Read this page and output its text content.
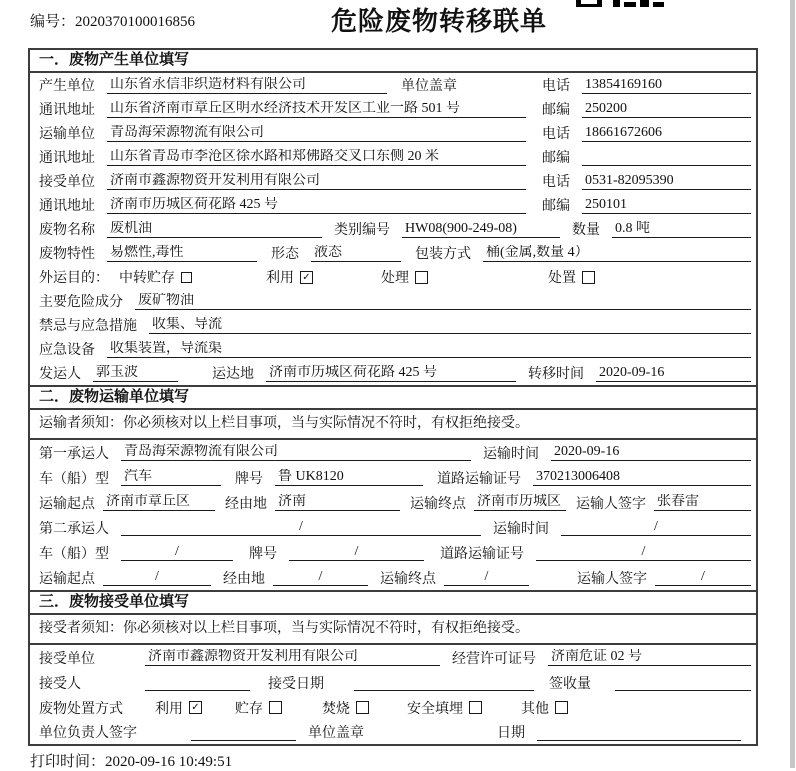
编号：2020370100016856	危险废物转移联单
一．废物产生单位填写
产生单位 山东省永信非织造材料有限公司	单位盖章	电话 13854169160
通讯地址 山东省济南市章丘区明水经济技术开发区工业一路 501 号	邮编 250200
运输单位 青岛海荣源物流有限公司	电话 18661672606
通讯地址 山东省青岛市李沧区徐水路和郑佛路交叉口东侧 20 米	邮编
接受单位 济南市鑫源物资开发利用有限公司	电话 0531-82095390
通讯地址 济南市历城区荷花路 425 号	邮编 250101
废物名称 废机油	类别编号 HW08(900-249-08)	数量 0.8 吨
废物特性 易燃性,毒性	形态 液态	包装方式 桶(金属,数量 4）
外运目的： 中转贮存	利用 ✓	处理	处置
主要危险成分 废矿物油
禁忌与应急措施 收集、导流
应急设备 收集装置，导流渠
发运人 郭玉波	运达地 济南市历城区荷花路 425 号	转移时间 2020-09-16
二．废物运输单位填写
运输者须知：你必须核对以上栏目事项，当与实际情况不符时，有权拒绝接受。
第一承运人 青岛海荣源物流有限公司	运输时间 2020-09-16
车（船）型 汽车	牌号 鲁 UK8120	道路运输证号 370213006408
运输起点 济南市章丘区	经由地 济南	运输终点 济南市历城区	运输人签字 张春雷
第二承运人	/	运输时间	/
车（船）型	/	牌号	/	道路运输证号	/
运输起点	/	经由地	/	运输终点	/	运输人签字	/
三．废物接受单位填写
接受者须知：你必须核对以上栏目事项，当与实际情况不符时，有权拒绝接受。
接受单位	济南市鑫源物资开发利用有限公司	经营许可证号 济南危证 02 号
接受人	接受日期	签收量
废物处置方式 利用 ✓	贮存	焚烧	安全填埋	其他
单位负责人签字	单位盖章	日期
打印时间：2020-09-16 10:49:51
